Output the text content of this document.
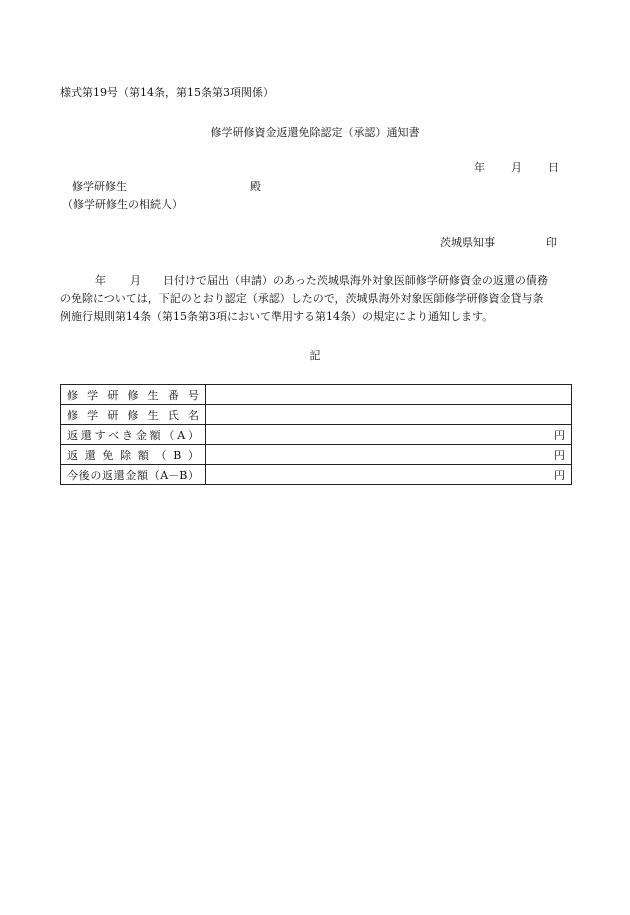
様式第19号（第14条，第15条第3項関係）
修学研修資金返還免除認定（承認）通知書
年 月 日
修学研修生	殿
（修学研修生の相続人）
茨城県知事	印
年 月 日付けで届出（申請）のあった茨城県海外対象医師修学研修資金の返還の債務
の免除については，下記のとおり認定（承認）したので，茨城県海外対象医師修学研修資金貸与条
例施行規則第14条（第15条第3項において準用する第14条）の規定により通知します。
記
修学研修生番号	
修学研修生氏名	
返還すべき金額（A）	円
返還免除額（B）	円
今後の返還金額（A－B）	円
